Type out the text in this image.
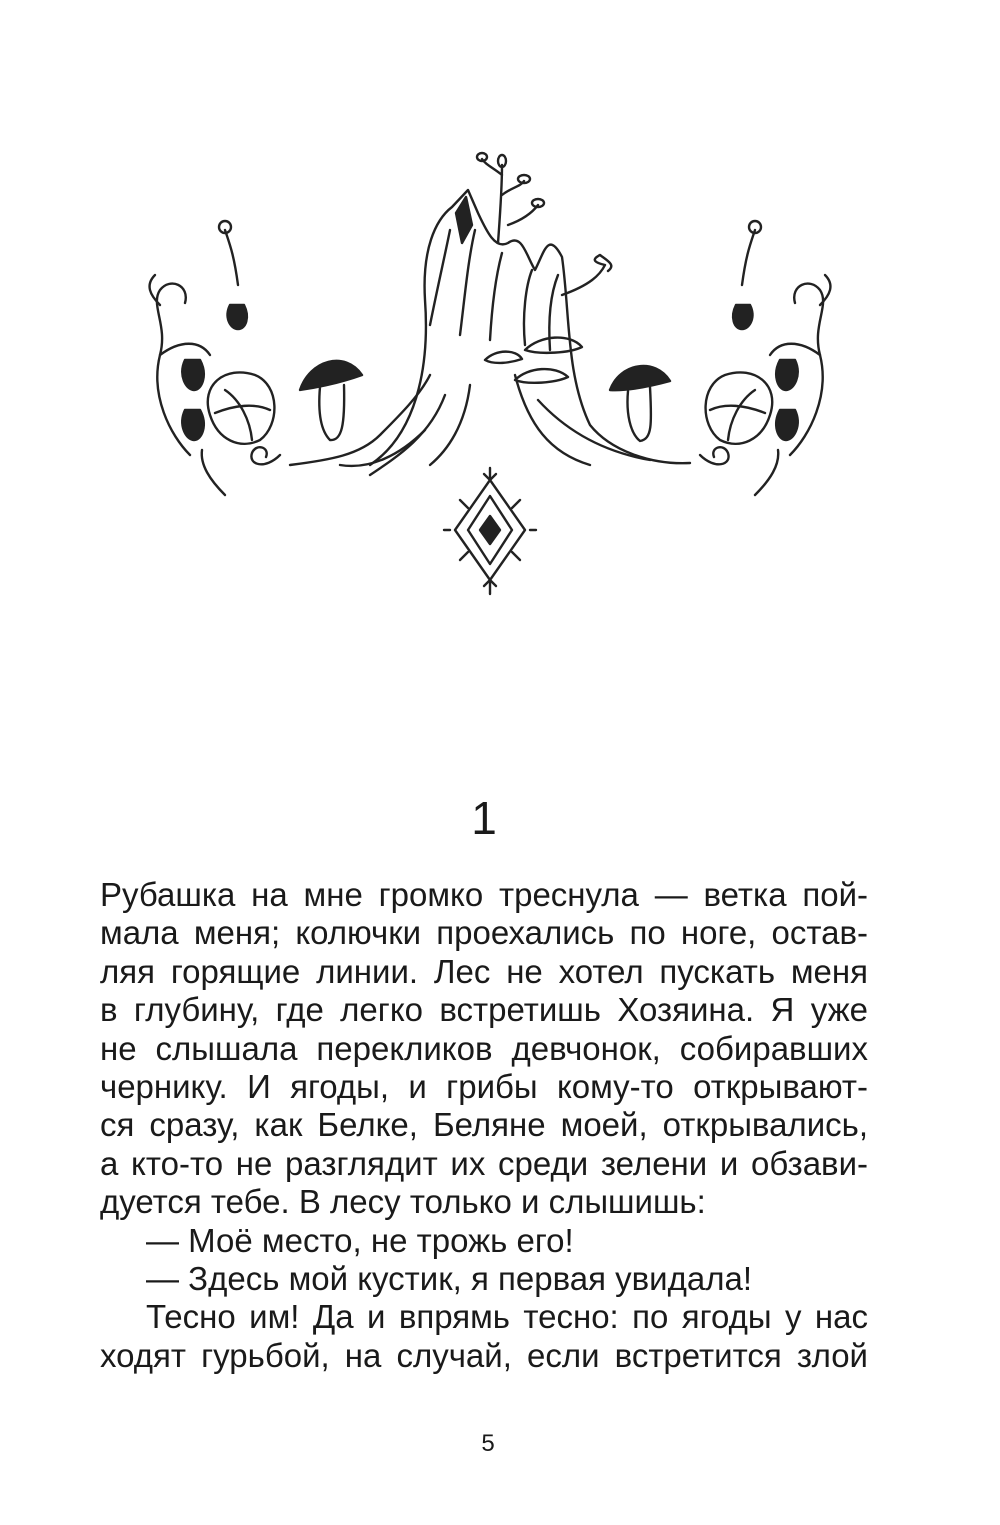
1

Рубашка на мне громко треснула — ветка пой-
мала меня; колючки проехались по ноге, остав-
ляя горящие линии. Лес не хотел пускать меня
в глубину, где легко встретишь Хозяина. Я уже
не слышала перекликов девчонок, собиравших
чернику. И ягоды, и грибы кому-то открывают-
ся сразу, как Белке, Беляне моей, открывались,
а кто-то не разглядит их среди зелени и обзави-
дуется тебе. В лесу только и слышишь:

— Моё место, не трожь его!

— Здесь мой кустик, я первая увидала!

Тесно им! Да и впрямь тесно: по ягоды у нас
ходят гурьбой, на случай, если встретится злой

5
